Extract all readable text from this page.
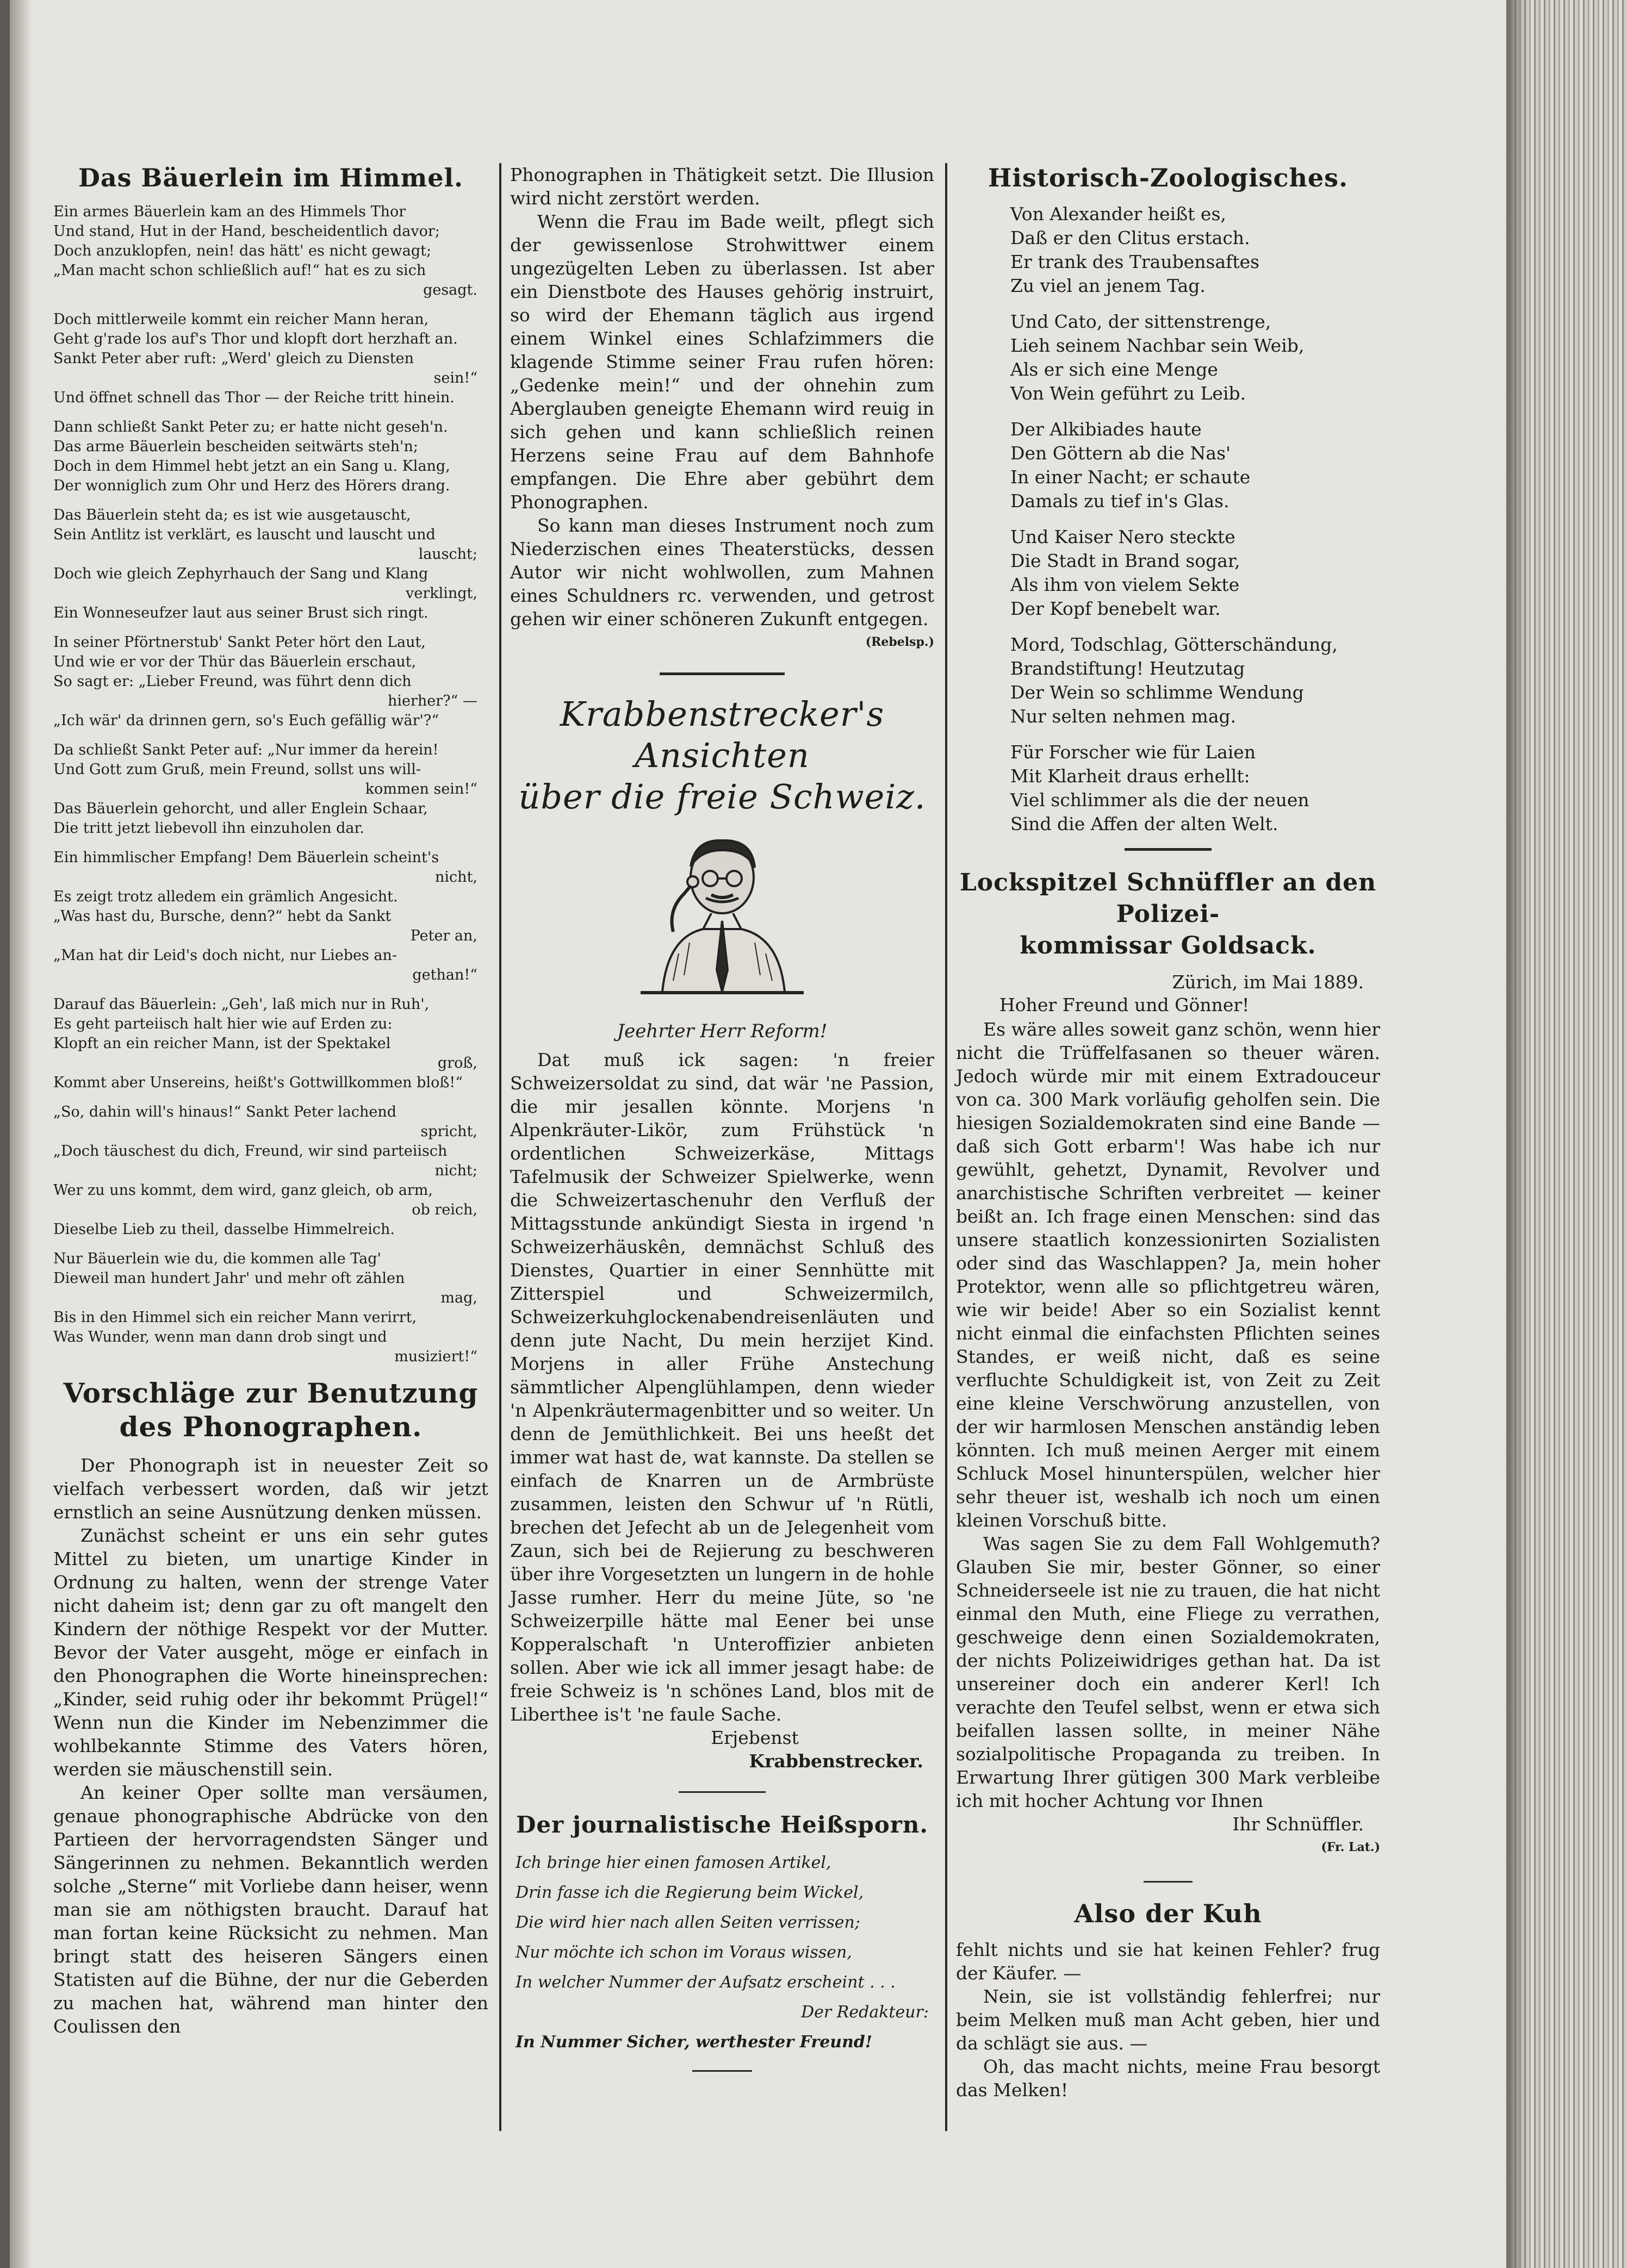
Das Bäuerlein im Himmel.

Ein armes Bäuerlein kam an des Himmels Thor
Und stand, Hut in der Hand, bescheidentlich davor;
Doch anzuklopfen, nein! das hätt' es nicht gewagt;
„Man macht schon schließlich auf!“ hat es zu sich
gesagt.

Doch mittlerweile kommt ein reicher Mann heran,
Geht g'rade los auf's Thor und klopft dort herzhaft an.
Sankt Peter aber ruft: „Werd' gleich zu Diensten
sein!“
Und öffnet schnell das Thor — der Reiche tritt hinein.

Dann schließt Sankt Peter zu; er hatte nicht geseh'n.
Das arme Bäuerlein bescheiden seitwärts steh'n;
Doch in dem Himmel hebt jetzt an ein Sang u. Klang,
Der wonniglich zum Ohr und Herz des Hörers drang.

Das Bäuerlein steht da; es ist wie ausgetauscht,
Sein Antlitz ist verklärt, es lauscht und lauscht und
lauscht;
Doch wie gleich Zephyrhauch der Sang und Klang
verklingt,
Ein Wonneseufzer laut aus seiner Brust sich ringt.

In seiner Pförtnerstub' Sankt Peter hört den Laut,
Und wie er vor der Thür das Bäuerlein erschaut,
So sagt er: „Lieber Freund, was führt denn dich
hierher?“ —
„Ich wär' da drinnen gern, so's Euch gefällig wär'?“

Da schließt Sankt Peter auf: „Nur immer da herein!
Und Gott zum Gruß, mein Freund, sollst uns will-
kommen sein!“
Das Bäuerlein gehorcht, und aller Englein Schaar,
Die tritt jetzt liebevoll ihn einzuholen dar.

Ein himmlischer Empfang! Dem Bäuerlein scheint's
nicht,
Es zeigt trotz alledem ein grämlich Angesicht.
„Was hast du, Bursche, denn?“ hebt da Sankt
Peter an,
„Man hat dir Leid's doch nicht, nur Liebes an-
gethan!“

Darauf das Bäuerlein: „Geh', laß mich nur in Ruh',
Es geht parteiisch halt hier wie auf Erden zu:
Klopft an ein reicher Mann, ist der Spektakel
groß,
Kommt aber Unsereins, heißt's Gottwillkommen bloß!“

„So, dahin will's hinaus!“ Sankt Peter lachend
spricht,
„Doch täuschest du dich, Freund, wir sind parteiisch
nicht;
Wer zu uns kommt, dem wird, ganz gleich, ob arm,
ob reich,
Dieselbe Lieb zu theil, dasselbe Himmelreich.

Nur Bäuerlein wie du, die kommen alle Tag'
Dieweil man hundert Jahr' und mehr oft zählen
mag,
Bis in den Himmel sich ein reicher Mann verirrt,
Was Wunder, wenn man dann drob singt und
musiziert!“

Vorschläge zur Benutzung
des Phonographen.

Der Phonograph ist in neuester Zeit so vielfach verbessert worden, daß wir jetzt ernstlich an seine Ausnützung denken müssen.

Zunächst scheint er uns ein sehr gutes Mittel zu bieten, um unartige Kinder in Ordnung zu halten, wenn der strenge Vater nicht daheim ist; denn gar zu oft mangelt den Kindern der nöthige Respekt vor der Mutter. Bevor der Vater ausgeht, möge er einfach in den Phonographen die Worte hineinsprechen: „Kinder, seid ruhig oder ihr bekommt Prügel!“ Wenn nun die Kinder im Nebenzimmer die wohlbekannte Stimme des Vaters hören, werden sie mäuschenstill sein.

An keiner Oper sollte man versäumen, genaue phonographische Abdrücke von den Partieen der hervorragendsten Sänger und Sängerinnen zu nehmen. Bekanntlich werden solche „Sterne“ mit Vorliebe dann heiser, wenn man sie am nöthigsten braucht. Darauf hat man fortan keine Rücksicht zu nehmen. Man bringt statt des heiseren Sängers einen Statisten auf die Bühne, der nur die Geberden zu machen hat, während man hinter den Coulissen den

Phonographen in Thätigkeit setzt. Die Illusion wird nicht zerstört werden.

Wenn die Frau im Bade weilt, pflegt sich der gewissenlose Strohwittwer einem ungezügelten Leben zu überlassen. Ist aber ein Dienstbote des Hauses gehörig instruirt, so wird der Ehemann täglich aus irgend einem Winkel eines Schlafzimmers die klagende Stimme seiner Frau rufen hören: „Gedenke mein!“ und der ohnehin zum Aberglauben geneigte Ehemann wird reuig in sich gehen und kann schließlich reinen Herzens seine Frau auf dem Bahnhofe empfangen. Die Ehre aber gebührt dem Phonographen.

So kann man dieses Instrument noch zum Niederzischen eines Theaterstücks, dessen Autor wir nicht wohlwollen, zum Mahnen eines Schuldners rc. verwenden, und getrost gehen wir einer schöneren Zukunft entgegen.

(Rebelsp.)
Krabbenstrecker's Ansichten
über die freie Schweiz.
Jeehrter Herr Reform!

Dat muß ick sagen: 'n freier Schweizersoldat zu sind, dat wär 'ne Passion, die mir jesallen könnte. Morjens 'n Alpenkräuter-Likör, zum Frühstück 'n ordentlichen Schweizerkäse, Mittags Tafelmusik der Schweizer Spielwerke, wenn die Schweizertaschenuhr den Verfluß der Mittagsstunde ankündigt Siesta in irgend 'n Schweizerhäuskên, demnächst Schluß des Dienstes, Quartier in einer Sennhütte mit Zitterspiel und Schweizermilch, Schweizerkuhglockenabendreisenläuten und denn jute Nacht, Du mein herzijet Kind. Morjens in aller Frühe Anstechung sämmtlicher Alpenglühlampen, denn wieder 'n Alpenkräutermagenbitter und so weiter. Un denn de Jemüthlichkeit. Bei uns heeßt det immer wat hast de, wat kannste. Da stellen se einfach de Knarren un de Armbrüste zusammen, leisten den Schwur uf 'n Rütli, brechen det Jefecht ab un de Jelegenheit vom Zaun, sich bei de Rejierung zu beschweren über ihre Vorgesetzten un lungern in de hohle Jasse rumher. Herr du meine Jüte, so 'ne Schweizerpille hätte mal Eener bei unse Kopperalschaft 'n Unteroffizier anbieten sollen. Aber wie ick all immer jesagt habe: de freie Schweiz is 'n schönes Land, blos mit de Liberthee is't 'ne faule Sache.

Erjebenst
Krabbenstrecker.
Der journalistische Heißsporn.
Ich bringe hier einen famosen Artikel,
Drin fasse ich die Regierung beim Wickel,
Die wird hier nach allen Seiten verrissen;
Nur möchte ich schon im Voraus wissen,
In welcher Nummer der Aufsatz erscheint . . .
Der Redakteur:
In Nummer Sicher, werthester Freund!
Historisch-Zoologisches.

Von Alexander heißt es,
Daß er den Clitus erstach.
Er trank des Traubensaftes
Zu viel an jenem Tag.

Und Cato, der sittenstrenge,
Lieh seinem Nachbar sein Weib,
Als er sich eine Menge
Von Wein geführt zu Leib.

Der Alkibiades haute
Den Göttern ab die Nas'
In einer Nacht; er schaute
Damals zu tief in's Glas.

Und Kaiser Nero steckte
Die Stadt in Brand sogar,
Als ihm von vielem Sekte
Der Kopf benebelt war.

Mord, Todschlag, Götterschändung,
Brandstiftung! Heutzutag
Der Wein so schlimme Wendung
Nur selten nehmen mag.

Für Forscher wie für Laien
Mit Klarheit draus erhellt:
Viel schlimmer als die der neuen
Sind die Affen der alten Welt.

Lockspitzel Schnüffler an den Polizei-
kommissar Goldsack.
Zürich, im Mai 1889.
Hoher Freund und Gönner!

Es wäre alles soweit ganz schön, wenn hier nicht die Trüffelfasanen so theuer wären. Jedoch würde mir mit einem Extradouceur von ca. 300 Mark vorläufig geholfen sein. Die hiesigen Sozialdemokraten sind eine Bande — daß sich Gott erbarm'! Was habe ich nur gewühlt, gehetzt, Dynamit, Revolver und anarchistische Schriften verbreitet — keiner beißt an. Ich frage einen Menschen: sind das unsere staatlich konzessionirten Sozialisten oder sind das Waschlappen? Ja, mein hoher Protektor, wenn alle so pflichtgetreu wären, wie wir beide! Aber so ein Sozialist kennt nicht einmal die einfachsten Pflichten seines Standes, er weiß nicht, daß es seine verfluchte Schuldigkeit ist, von Zeit zu Zeit eine kleine Verschwörung anzustellen, von der wir harmlosen Menschen anständig leben könnten. Ich muß meinen Aerger mit einem Schluck Mosel hinunterspülen, welcher hier sehr theuer ist, weshalb ich noch um einen kleinen Vorschuß bitte.

Was sagen Sie zu dem Fall Wohlgemuth? Glauben Sie mir, bester Gönner, so einer Schneiderseele ist nie zu trauen, die hat nicht einmal den Muth, eine Fliege zu verrathen, geschweige denn einen Sozialdemokraten, der nichts Polizeiwidriges gethan hat. Da ist unsereiner doch ein anderer Kerl! Ich verachte den Teufel selbst, wenn er etwa sich beifallen lassen sollte, in meiner Nähe sozialpolitische Propaganda zu treiben. In Erwartung Ihrer gütigen 300 Mark verbleibe ich mit hocher Achtung vor Ihnen

Ihr Schnüffler.
(Fr. Lat.)
Also der Kuh

fehlt nichts und sie hat keinen Fehler? frug der Käufer. —

Nein, sie ist vollständig fehlerfrei; nur beim Melken muß man Acht geben, hier und da schlägt sie aus. —

Oh, das macht nichts, meine Frau besorgt das Melken!
